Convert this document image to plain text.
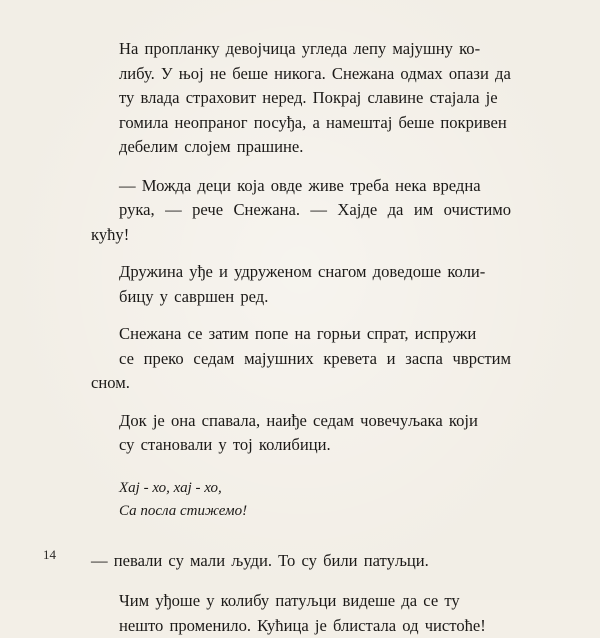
На пропланку девојчица угледа лепу мајушну ко-
либу. У њој не беше никога. Снежана одмах опази да
ту влада страховит неред. Покрај славине стајала је
гомила неопраног посуђа, а намештај беше покривен
дебелим слојем прашине.

— Можда деци која овде живе треба нека вредна
рука, — рече Снежана. — Хајде да им очистимо кућу!

Дружина уђе и удруженом снагом доведоше коли-
бицу у савршен ред.

Снежана се затим попе на горњи спрат, испружи
се преко седам мајушних кревета и заспа чврстим сном.

Док је она спавала, наиђе седам човечуљака који
су становали у тој колибици.

Хај - хо, хај - хо,
Са посла стижемо!

— певали су мали људи. То су били патуљци.

Чим уђоше у колибу патуљци видеше да се ту
нешто променило. Кућица је блистала од чистоће!

14
